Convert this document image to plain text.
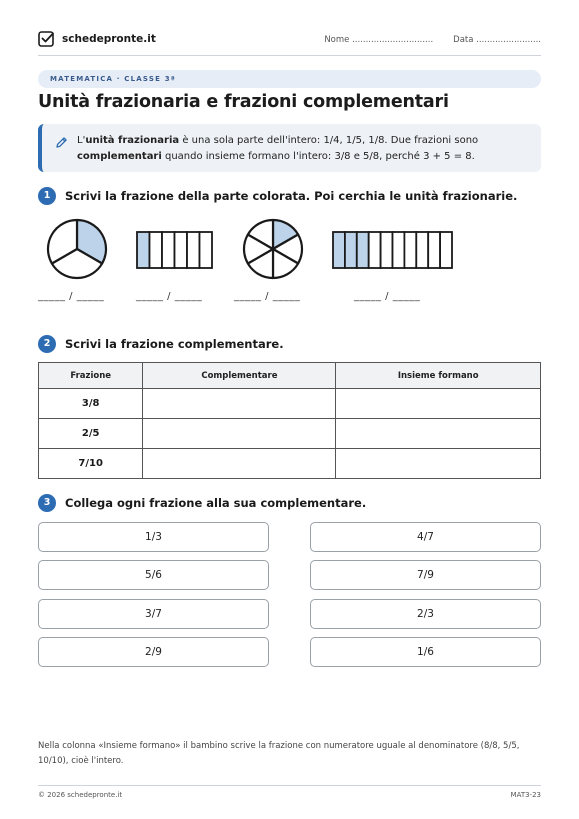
schedepronte.it	Nome .............................. Data ........................
MATEMATICA · CLASSE 3ª
Unità frazionaria e frazioni complementari
L'unità frazionaria è una sola parte dell'intero: 1/4, 1/5, 1/8. Due frazioni sono complementari quando insieme formano l'intero: 3/8 e 5/8, perché 3 + 5 = 8.
1	Scrivi la frazione della parte colorata. Poi cerchia le unità frazionarie.
_____ / _____	_____ / _____	_____ / _____	_____ / _____
2	Scrivi la frazione complementare.
Frazione	Complementare	Insieme formano
3/8		
2/5		
7/10		
3	Collega ogni frazione alla sua complementare.
1/3
5/6
3/7
2/9
4/7
7/9
2/3
1/6
Nella colonna «Insieme formano» il bambino scrive la frazione con numeratore uguale al denominatore (8/8, 5/5, 10/10), cioè l'intero.
© 2026 schedepronte.it	MAT3-23
